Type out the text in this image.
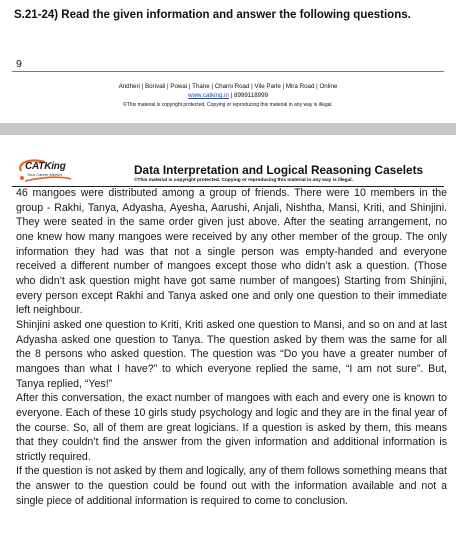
S.21-24) Read the given information and answer the following questions.
9
Andheri | Borivali | Powai | Thane | Charni Road | Vile Parle | Mira Road | Online
www.catking.in | 8999118999
©This material is copyright protected. Copying or reproducing this material in any way is illegal.
CATKing
Your Career Mentor	Data Interpretation and Logical Reasoning Caselets
©This material is copyright protected. Copying or reproducing this material in any way is illegal.

46 mangoes were distributed among a group of friends. There were 10 members in the group - Rakhi, Tanya, Adyasha, Ayesha, Aarushi, Anjali, Nishtha, Mansi, Kriti, and Shinjini. They were seated in the same order given just above. After the seating arrangement, no one knew how many mangoes were received by any other member of the group. The only information they had was that not a single person was empty-handed and everyone received a different number of mangoes except those who didn’t ask a question. (Those who didn’t ask question might have got same number of mangoes) Starting from Shinjini, every person except Rakhi and Tanya asked one and only one question to their immediate left neighbour.

Shinjini asked one question to Kriti, Kriti asked one question to Mansi, and so on and at last Adyasha asked one question to Tanya. The question asked by them was the same for all the 8 persons who asked question. The question was “Do you have a greater number of mangoes than what I have?” to which everyone replied the same, “I am not sure”. But, Tanya replied, “Yes!”

After this conversation, the exact number of mangoes with each and every one is known to everyone. Each of these 10 girls study psychology and logic and they are in the final year of the course. So, all of them are great logicians. If a question is asked by them, this means that they couldn’t find the answer from the given information and additional information is strictly required.

If the question is not asked by them and logically, any of them follows something means that the answer to the question could be found out with the information available and not a single piece of additional information is required to come to conclusion.
